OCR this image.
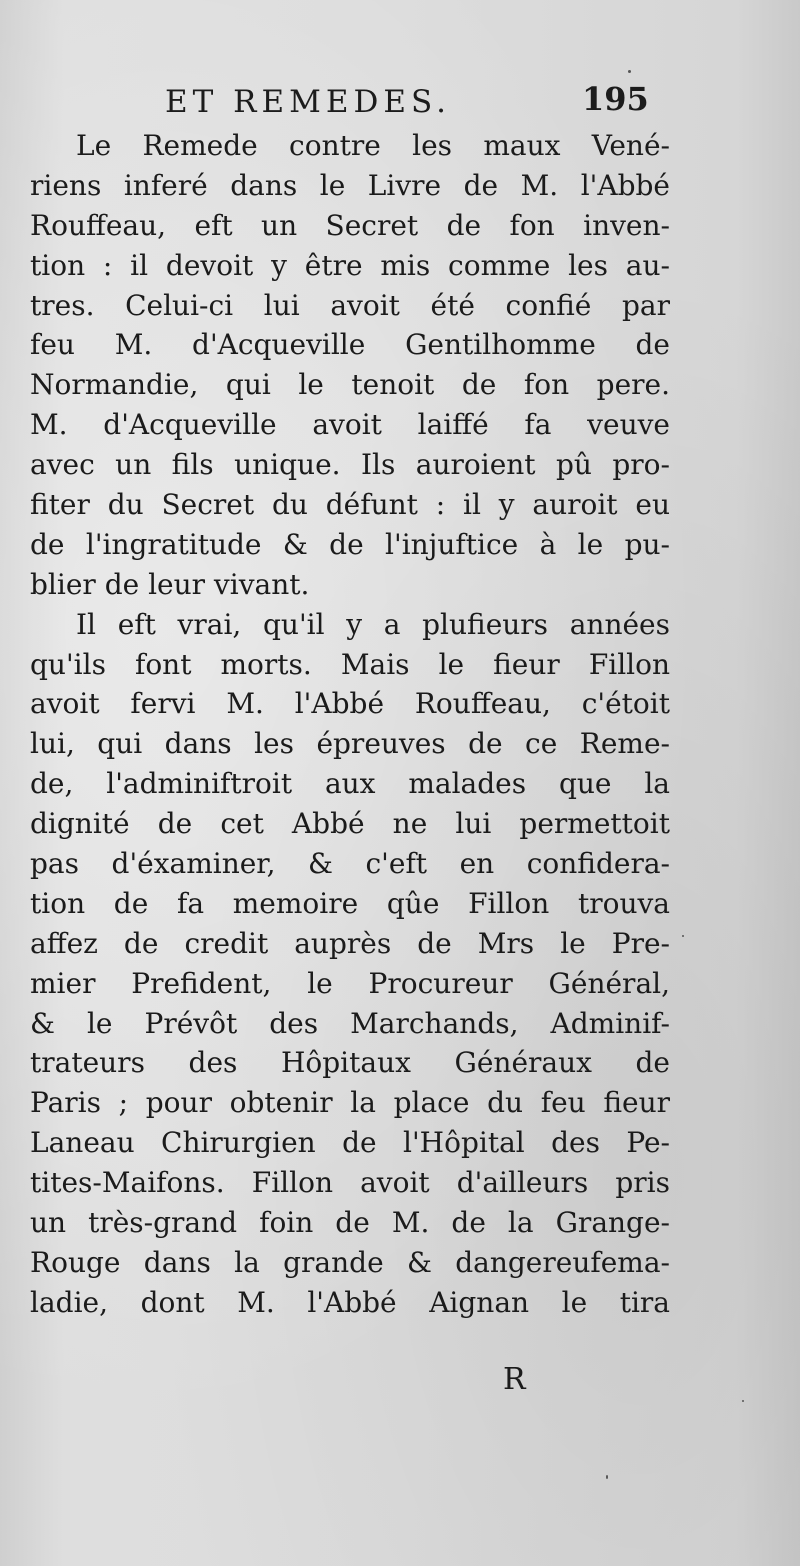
ET REMEDES.	195
Le Remede contre les maux Vené-
riens inferé dans le Livre de M. l'Abbé
Rouffeau, eft un Secret de fon inven-
tion : il devoit y être mis comme les au-
tres. Celui-ci lui avoit été confié par
feu M. d'Acqueville Gentilhomme de
Normandie, qui le tenoit de fon pere.
M. d'Acqueville avoit laiffé fa veuve
avec un fils unique. Ils auroient pû pro-
fiter du Secret du défunt : il y auroit eu
de l'ingratitude & de l'injuftice à le pu-
blier de leur vivant.
Il eft vrai, qu'il y a plufieurs années
qu'ils font morts. Mais le fieur Fillon
avoit fervi M. l'Abbé Rouffeau, c'étoit
lui, qui dans les épreuves de ce Reme-
de, l'adminiftroit aux malades que la
dignité de cet Abbé ne lui permettoit
pas d'éxaminer, & c'eft en confidera-
tion de fa memoire qûe Fillon trouva
affez de credit auprès de Mrs le Pre-
mier Prefident, le Procureur Général,
& le Prévôt des Marchands, Adminif-
trateurs des Hôpitaux Généraux de
Paris ; pour obtenir la place du feu fieur
Laneau Chirurgien de l'Hôpital des Pe-
tites-Maifons. Fillon avoit d'ailleurs pris
un très-grand foin de M. de la Grange-
Rouge dans la grande & dangereufema-
ladie, dont M. l'Abbé Aignan le tira
R
